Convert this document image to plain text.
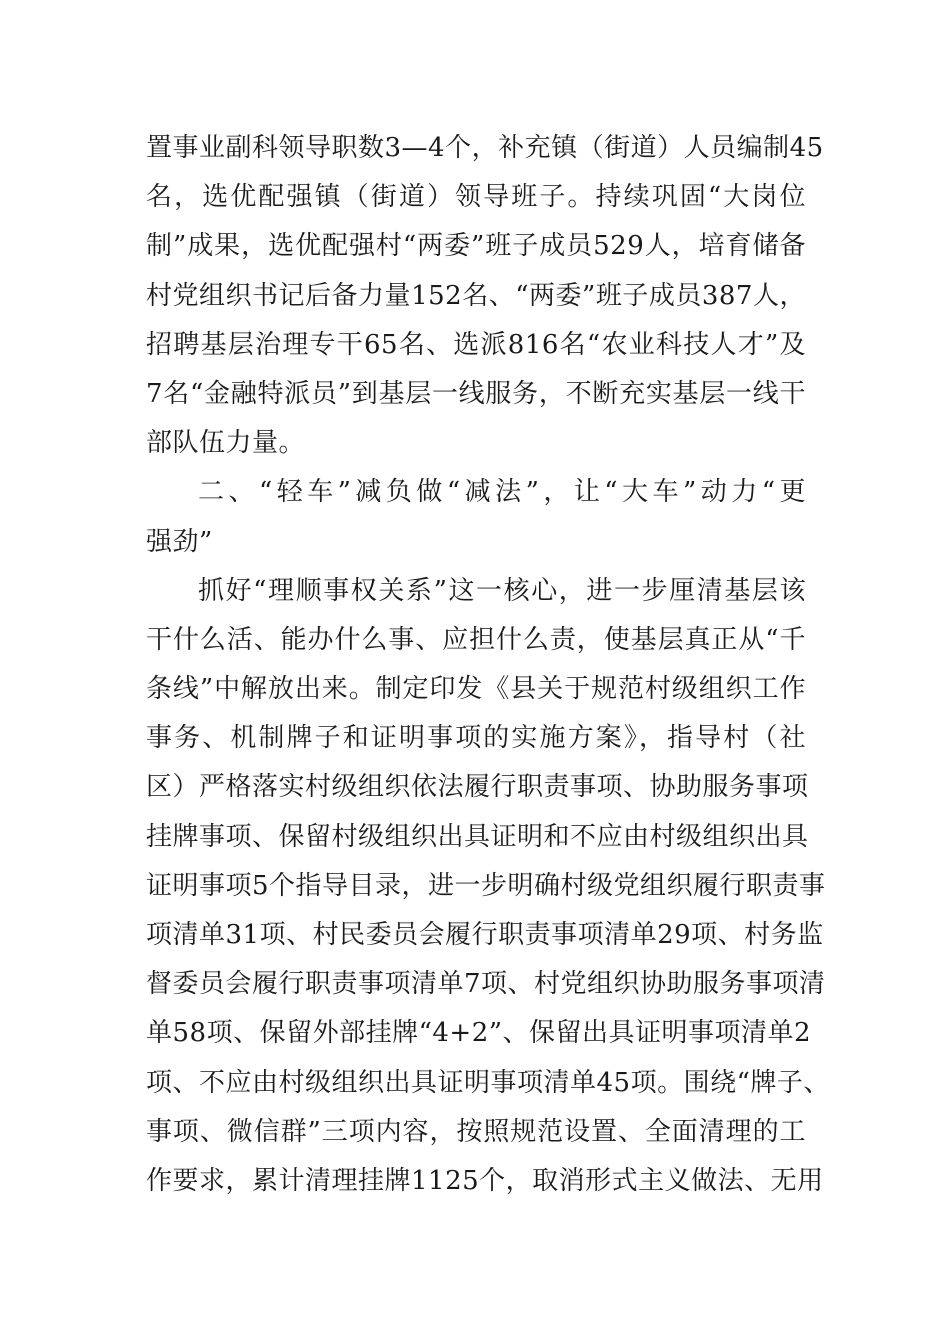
置事业副科领导职数3—4个，补充镇（街道）人员编制45
名，选优配强镇（街道）领导班子。持续巩固“大岗位
制”成果，选优配强村“两委”班子成员529人，培育储备
村党组织书记后备力量152名、“两委”班子成员387人，
招聘基层治理专干65名、选派816名“农业科技人才”及
7名“金融特派员”到基层一线服务，不断充实基层一线干
部队伍力量。
二、“轻车”减负做“减法”，让“大车”动力“更
强劲”
抓好“理顺事权关系”这一核心，进一步厘清基层该
干什么活、能办什么事、应担什么责，使基层真正从“千
条线”中解放出来。制定印发《县关于规范村级组织工作
事务、机制牌子和证明事项的实施方案》，指导村（社
区）严格落实村级组织依法履行职责事项、协助服务事项
挂牌事项、保留村级组织出具证明和不应由村级组织出具
证明事项5个指导目录，进一步明确村级党组织履行职责事
项清单31项、村民委员会履行职责事项清单29项、村务监
督委员会履行职责事项清单7项、村党组织协助服务事项清
单58项、保留外部挂牌“4+2”、保留出具证明事项清单2
项、不应由村级组织出具证明事项清单45项。围绕“牌子、
事项、微信群”三项内容，按照规范设置、全面清理的工
作要求，累计清理挂牌1125个，取消形式主义做法、无用
